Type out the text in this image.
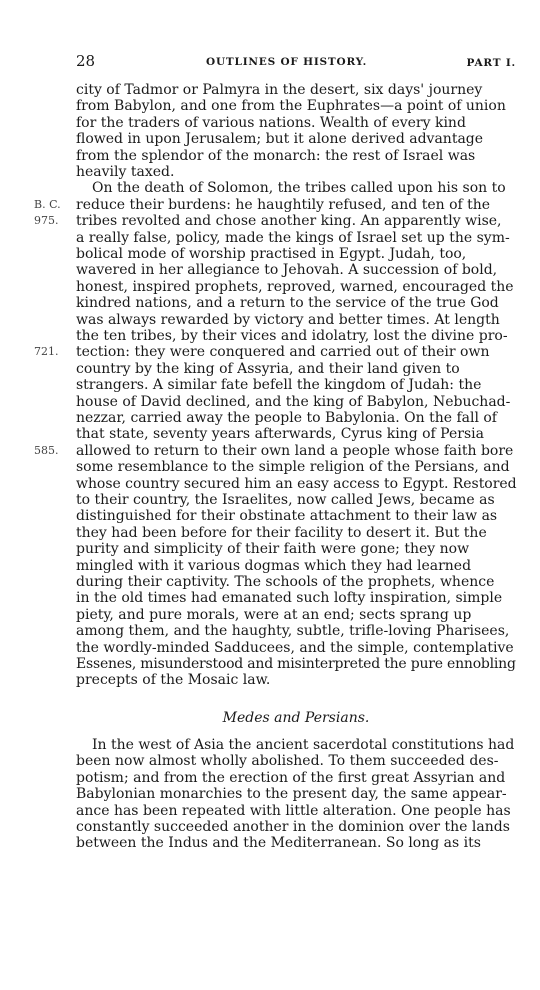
28	OUTLINES OF HISTORY.	PART I.
city of Tadmor or Palmyra in the desert, six days' journey
from Babylon, and one from the Euphrates—a point of union
for the traders of various nations. Wealth of every kind
flowed in upon Jerusalem; but it alone derived advantage
from the splendor of the monarch: the rest of Israel was
heavily taxed.
On the death of Solomon, the tribes called upon his son to
reduce their burdens: he haughtily refused, and ten of the
tribes revolted and chose another king. An apparently wise,
a really false, policy, made the kings of Israel set up the sym-
bolical mode of worship practised in Egypt. Judah, too,
wavered in her allegiance to Jehovah. A succession of bold,
honest, inspired prophets, reproved, warned, encouraged the
kindred nations, and a return to the service of the true God
was always rewarded by victory and better times. At length
the ten tribes, by their vices and idolatry, lost the divine pro-
tection: they were conquered and carried out of their own
country by the king of Assyria, and their land given to
strangers. A similar fate befell the kingdom of Judah: the
house of David declined, and the king of Babylon, Nebuchad-
nezzar, carried away the people to Babylonia. On the fall of
that state, seventy years afterwards, Cyrus king of Persia
allowed to return to their own land a people whose faith bore
some resemblance to the simple religion of the Persians, and
whose country secured him an easy access to Egypt. Restored
to their country, the Israelites, now called Jews, became as
distinguished for their obstinate attachment to their law as
they had been before for their facility to desert it. But the
purity and simplicity of their faith were gone; they now
mingled with it various dogmas which they had learned
during their captivity. The schools of the prophets, whence
in the old times had emanated such lofty inspiration, simple
piety, and pure morals, were at an end; sects sprang up
among them, and the haughty, subtle, trifle-loving Pharisees,
the wordly-minded Sadducees, and the simple, contemplative
Essenes, misunderstood and misinterpreted the pure ennobling
precepts of the Mosaic law.
Medes and Persians.
In the west of Asia the ancient sacerdotal constitutions had
been now almost wholly abolished. To them succeeded des-
potism; and from the erection of the first great Assyrian and
Babylonian monarchies to the present day, the same appear-
ance has been repeated with little alteration. One people has
constantly succeeded another in the dominion over the lands
between the Indus and the Mediterranean. So long as its
B. C.
975.
721.
585.
